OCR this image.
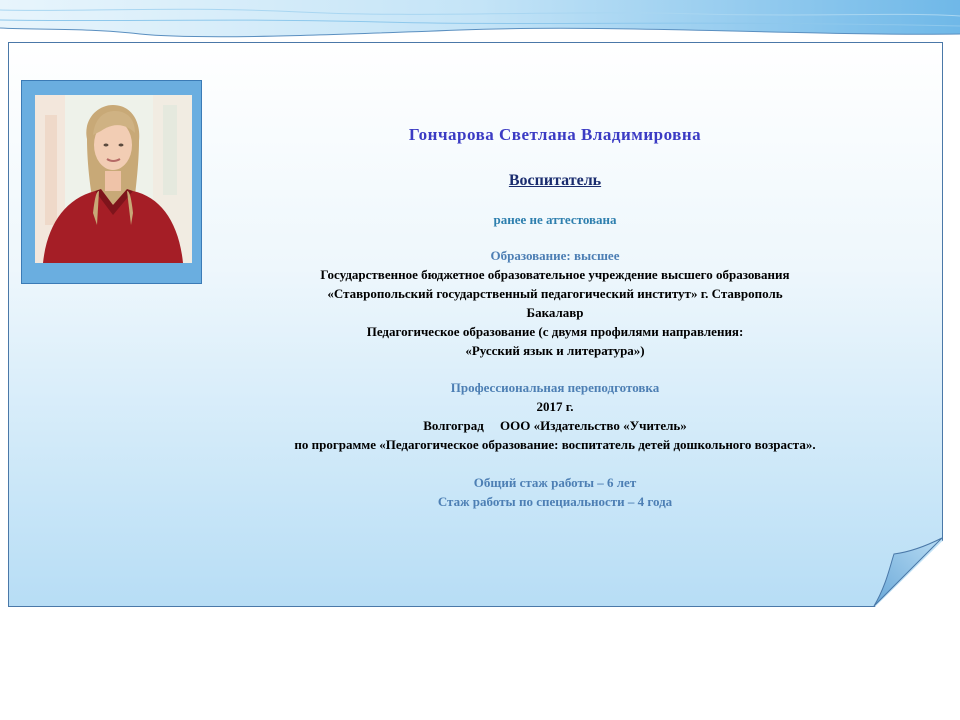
Гончарова Светлана Владимировна
Воспитатель
ранее не аттестована
Образование: высшее
Государственное бюджетное образовательное учреждение высшего образования
«Ставропольский государственный педагогический институт» г. Ставрополь
Бакалавр
Педагогическое образование (с двумя профилями направления:
«Русский язык и литература»)
Профессиональная переподготовка
2017 г.
Волгоград     ООО «Издательство «Учитель»
по программе «Педагогическое образование: воспитатель детей дошкольного возраста».
Общий стаж работы – 6 лет
Стаж работы по специальности – 4 года
